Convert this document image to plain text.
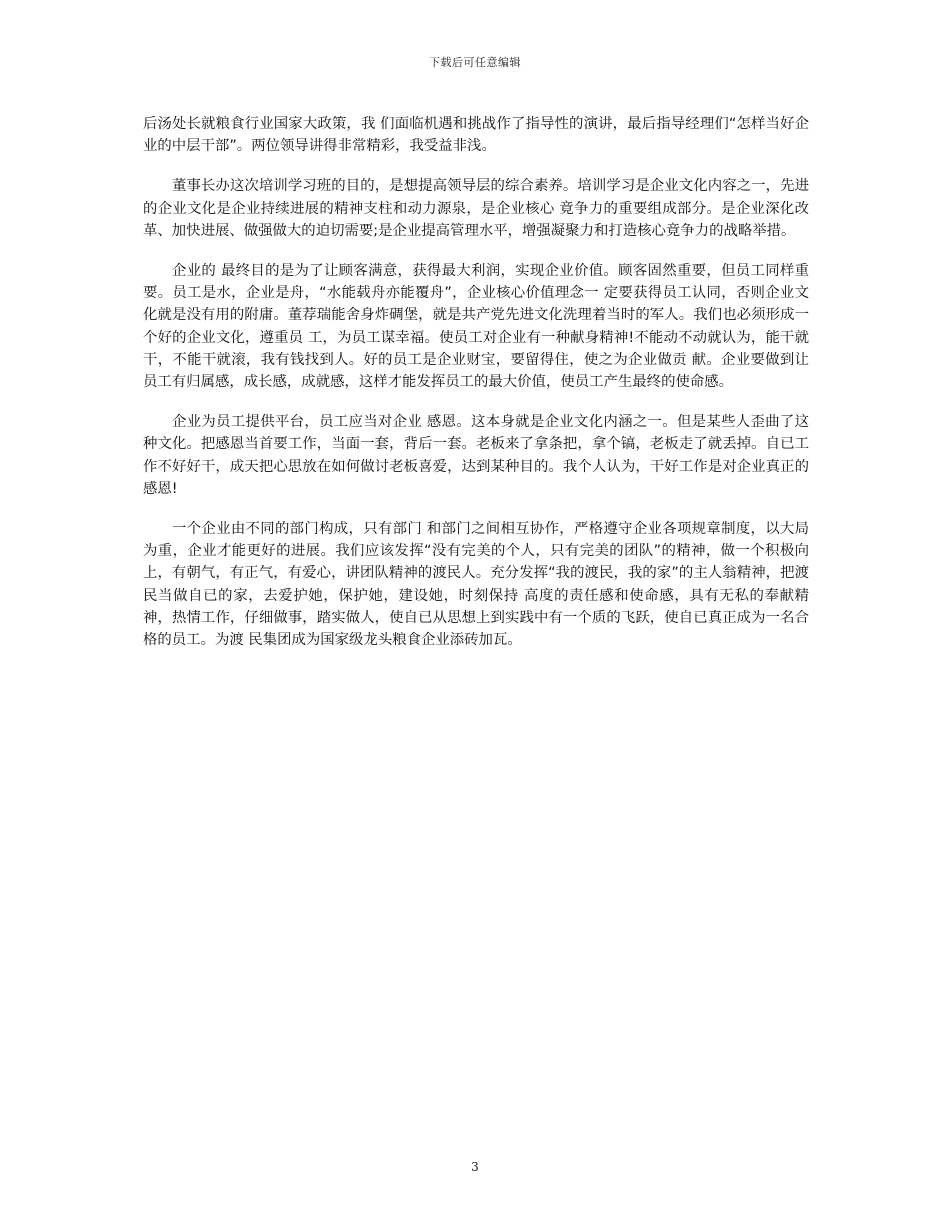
下载后可任意编辑

后汤处长就粮食行业国家大政策，我 们面临机遇和挑战作了指导性的演讲，最后指导经理们“怎样当好企业的中层干部”。两位领导讲得非常精彩，我受益非浅。

董事长办这次培训学习班的目的，是想提高领导层的综合素养。培训学习是企业文化内容之一，先进的企业文化是企业持续进展的精神支柱和动力源泉，是企业核心 竟争力的重要组成部分。是企业深化改革、加快进展、做强做大的迫切需要;是企业提高管理水平，增强凝聚力和打造核心竟争力的战略举措。

企业的 最终目的是为了让顾客满意，获得最大利润，实现企业价值。顾客固然重要，但员工同样重要。员工是水，企业是舟，“水能载舟亦能覆舟”，企业核心价值理念一 定要获得员工认同，否则企业文化就是没有用的附庸。董荐瑞能舍身炸碉堡，就是共产党先进文化洗理着当时的军人。我们也必须形成一个好的企业文化，遵重员 工，为员工谋幸福。使员工对企业有一种献身精神!不能动不动就认为，能干就干，不能干就滚，我有钱找到人。好的员工是企业财宝，要留得住，使之为企业做贡 献。企业要做到让员工有归属感，成长感，成就感，这样才能发挥员工的最大价值，使员工产生最终的使命感。

企业为员工提供平台，员工应当对企业 感恩。这本身就是企业文化内涵之一。但是某些人歪曲了这种文化。把感恩当首要工作，当面一套，背后一套。老板来了拿条把，拿个镐，老板走了就丢掉。自已工 作不好好干，成天把心思放在如何做讨老板喜爱，达到某种目的。我个人认为，干好工作是对企业真正的感恩!

一个企业由不同的部门构成，只有部门 和部门之间相互协作，严格遵守企业各项规章制度，以大局为重，企业才能更好的进展。我们应该发挥“没有完美的个人，只有完美的团队”的精神，做一个积极向 上，有朝气，有正气，有爱心，讲团队精神的渡民人。充分发挥“我的渡民，我的家”的主人翁精神，把渡民当做自已的家，去爱护她，保护她，建设她，时刻保持 高度的责任感和使命感，具有无私的奉献精神，热情工作，仔细做事，踏实做人，使自已从思想上到实践中有一个质的飞跃，使自已真正成为一名合格的员工。为渡 民集团成为国家级龙头粮食企业添砖加瓦。

3
